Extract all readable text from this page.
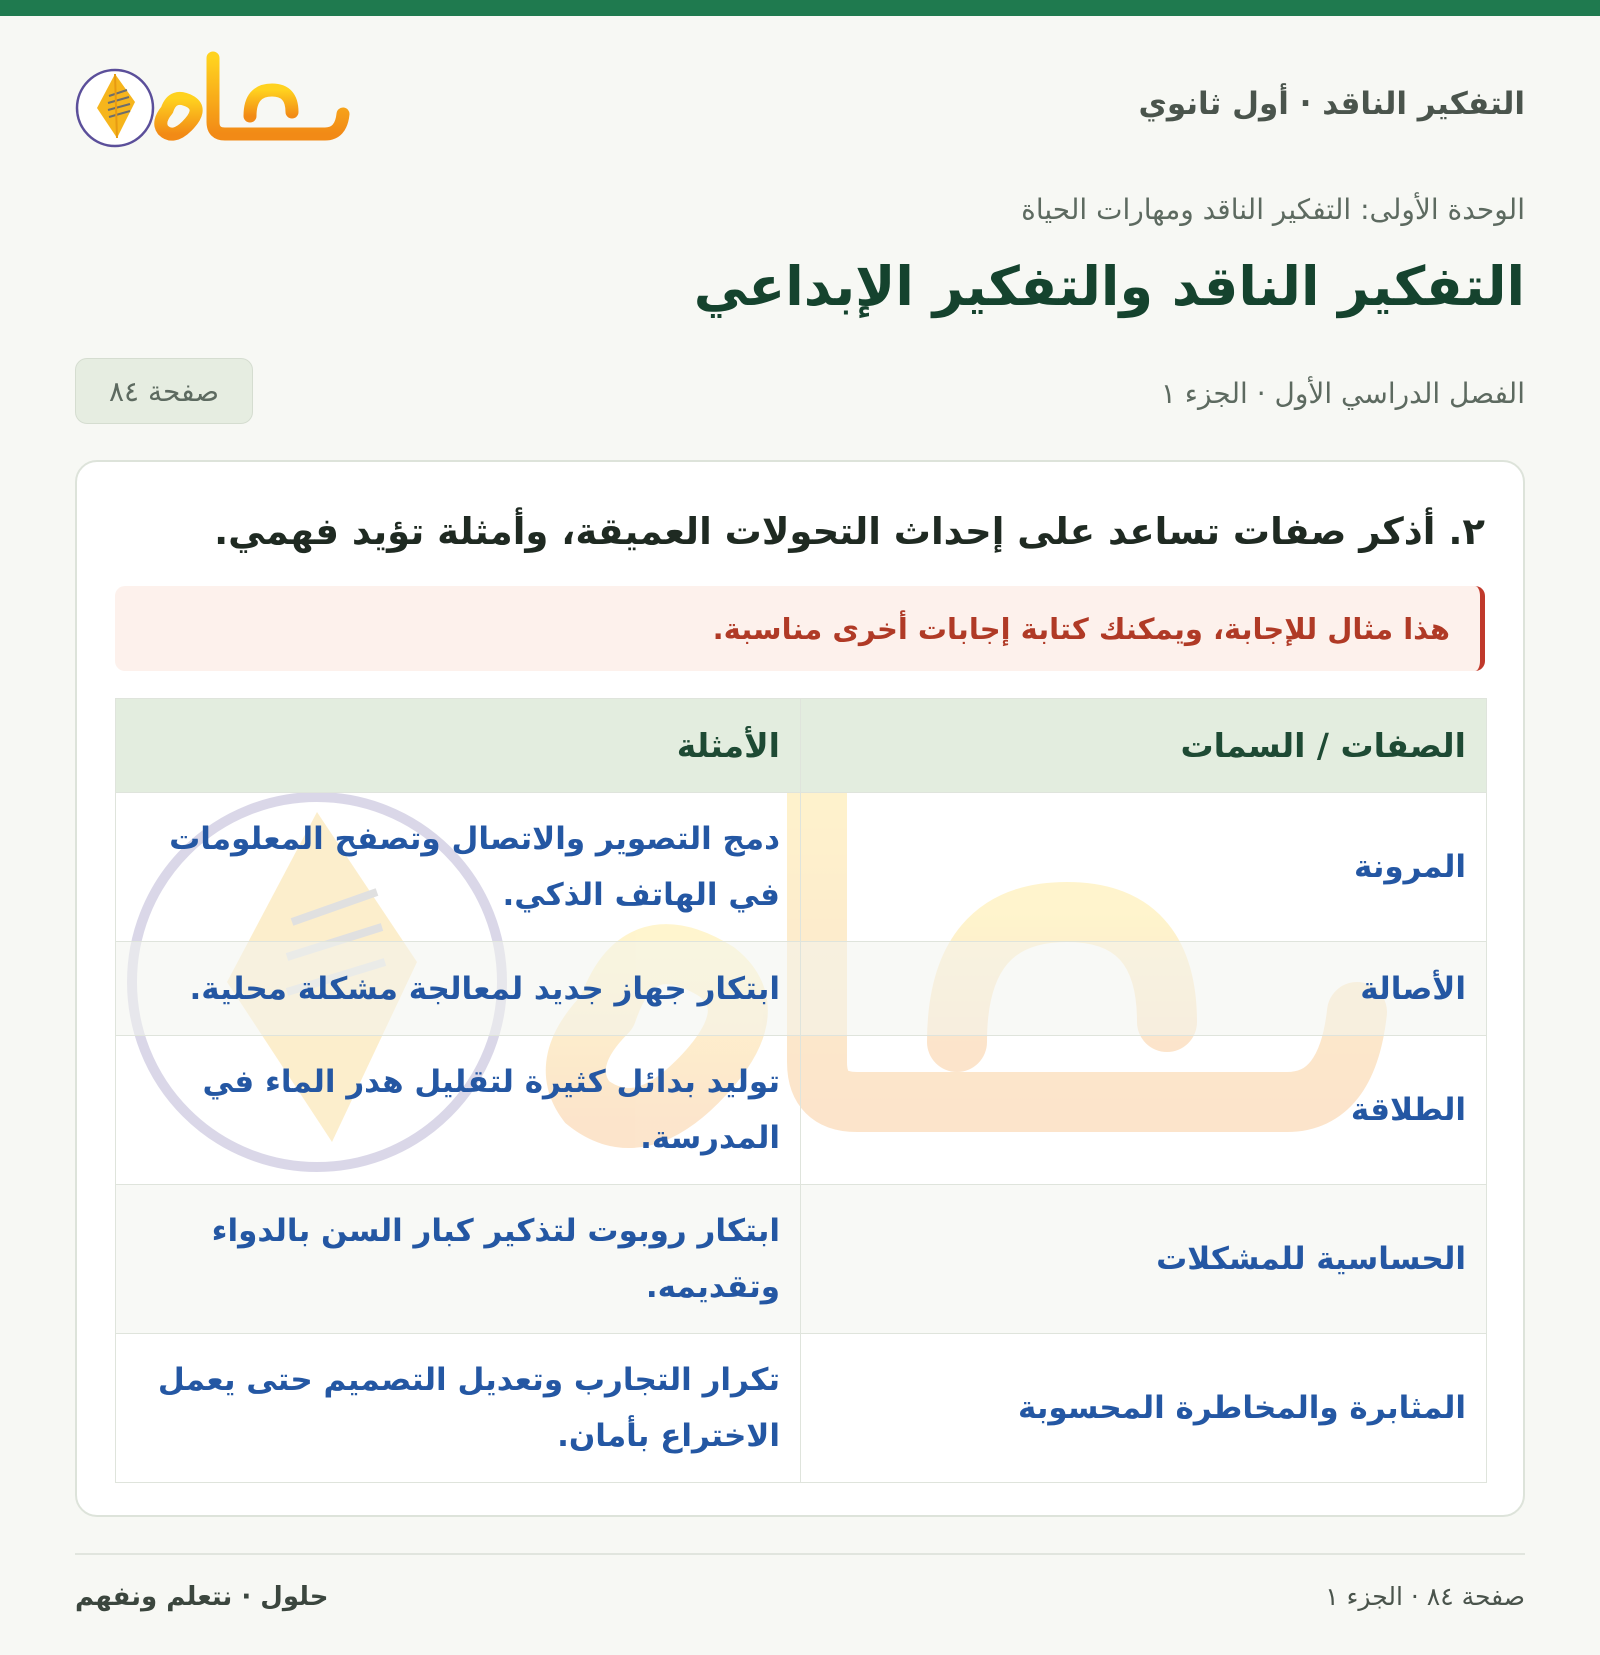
التفكير الناقد · أول ثانوي
حلول
الوحدة الأولى: التفكير الناقد ومهارات الحياة
التفكير الناقد والتفكير الإبداعي
الفصل الدراسي الأول · الجزء ١
صفحة ٨٤
٢. أذكر صفات تساعد على إحداث التحولات العميقة، وأمثلة تؤيد فهمي.
هذا مثال للإجابة، ويمكنك كتابة إجابات أخرى مناسبة.
الصفات / السمات	الأمثلة
المرونة	دمج التصوير والاتصال وتصفح المعلومات في الهاتف الذكي.
الأصالة	ابتكار جهاز جديد لمعالجة مشكلة محلية.
الطلاقة	توليد بدائل كثيرة لتقليل هدر الماء في المدرسة.
الحساسية للمشكلات	ابتكار روبوت لتذكير كبار السن بالدواء وتقديمه.
المثابرة والمخاطرة المحسوبة	تكرار التجارب وتعديل التصميم حتى يعمل الاختراع بأمان.
صفحة ٨٤ · الجزء ١
حلول · نتعلم ونفهم
